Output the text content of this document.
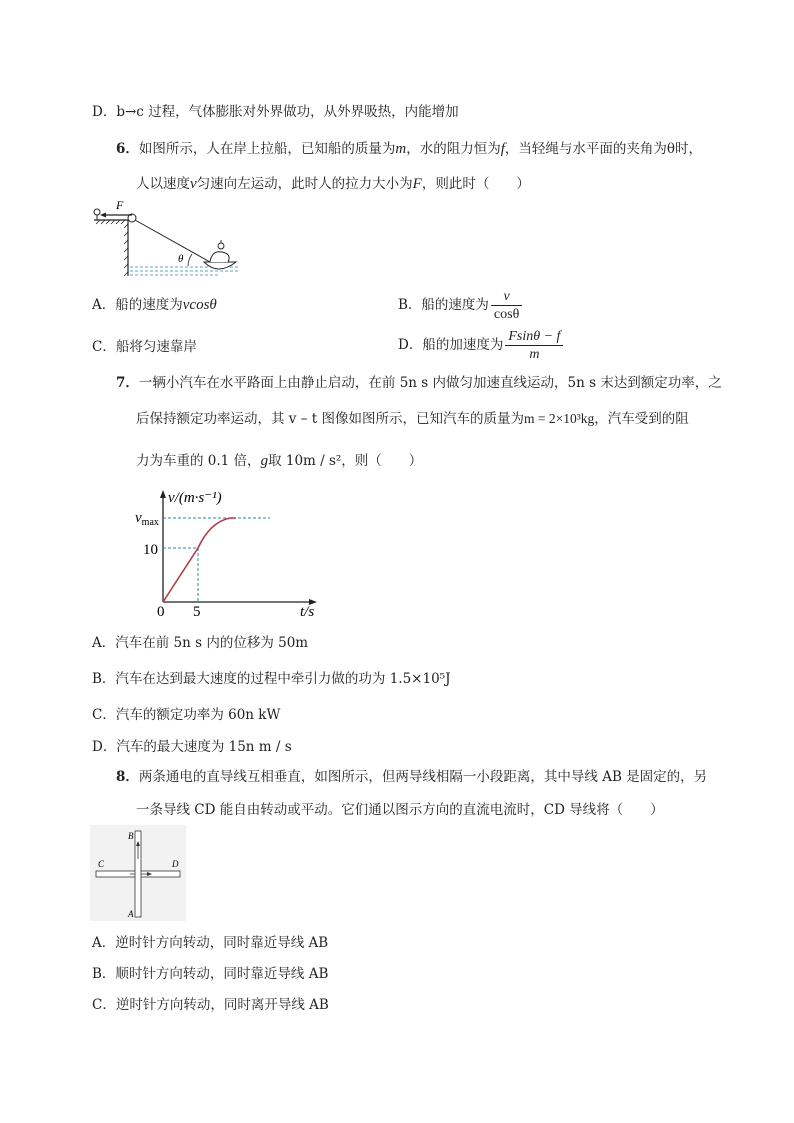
D．b→c 过程，气体膨胀对外界做功，从外界吸热，内能增加
6．如图所示，人在岸上拉船，已知船的质量为m，水的阻力恒为f，当轻绳与水平面的夹角为θ时，
人以速度v匀速向左运动，此时人的拉力大小为F，则此时（　　）
F
θ
A．船的速度为vcosθ	B．船的速度为 $\frac{v}{\cos\theta}$
C．船将匀速靠岸	D．船的加速度为 $\frac{Fsin\theta - f}{m}$
7．一辆小汽车在水平路面上由静止启动，在前 5n s 内做匀加速直线运动，5n s 末达到额定功率，之
后保持额定功率运动，其 v – t 图像如图所示，已知汽车的质量为m = 2×10³kg，汽车受到的阻
力为车重的 0.1 倍，g取 10m / s²，则（　　）
v/(m·s⁻¹)
t/s
0 5
10
$v_{max}$
A．汽车在前 5n s 内的位移为 50m
B．汽车在达到最大速度的过程中牵引力做的功为 1.5×10⁵J
C．汽车的额定功率为 60n kW
D．汽车的最大速度为 15n m / s
8．两条通电的直导线互相垂直，如图所示，但两导线相隔一小段距离，其中导线 AB 是固定的，另
一条导线 CD 能自由转动或平动。它们通以图示方向的直流电流时，CD 导线将（　　）
B
A
C	D
A．逆时针方向转动，同时靠近导线 AB
B．顺时针方向转动，同时靠近导线 AB
C．逆时针方向转动，同时离开导线 AB
